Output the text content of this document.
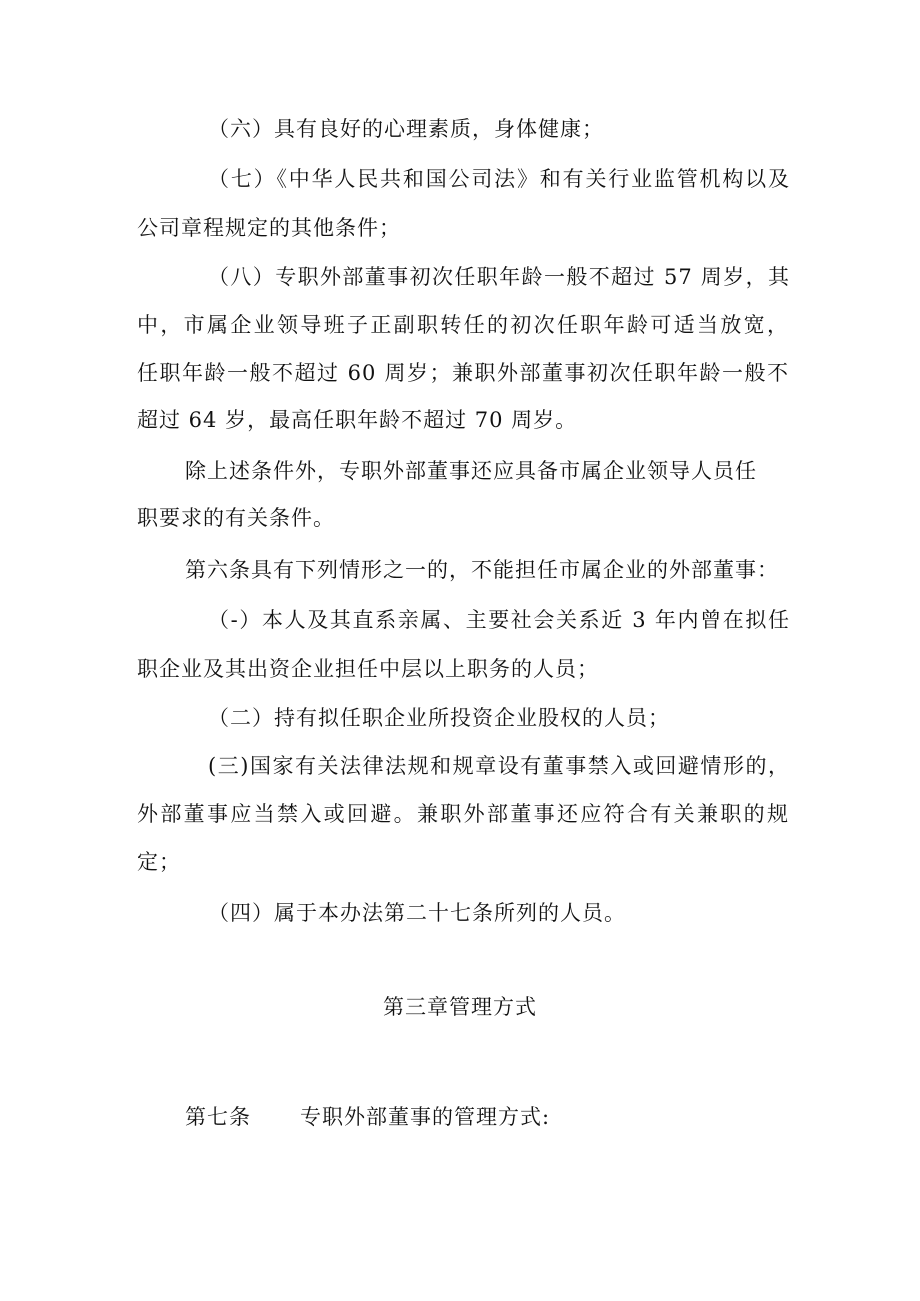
（六）具有良好的心理素质，身体健康；
（七）《中华人民共和国公司法》和有关行业监管机构以及
公司章程规定的其他条件；
（八）专职外部董事初次任职年龄一般不超过 57 周岁，其
中，市属企业领导班子正副职转任的初次任职年龄可适当放宽，
任职年龄一般不超过 60 周岁；兼职外部董事初次任职年龄一般不
超过 64 岁，最高任职年龄不超过 70 周岁。
除上述条件外，专职外部董事还应具备市属企业领导人员任
职要求的有关条件。
第六条具有下列情形之一的，不能担任市属企业的外部董事：
（-）本人及其直系亲属、主要社会关系近 3 年内曾在拟任
职企业及其出资企业担任中层以上职务的人员；
（二）持有拟任职企业所投资企业股权的人员；
(三)国家有关法律法规和规章设有董事禁入或回避情形的，
外部董事应当禁入或回避。兼职外部董事还应符合有关兼职的规
定；
（四）属于本办法第二十七条所列的人员。
第三章管理方式
第七条 专职外部董事的管理方式:
